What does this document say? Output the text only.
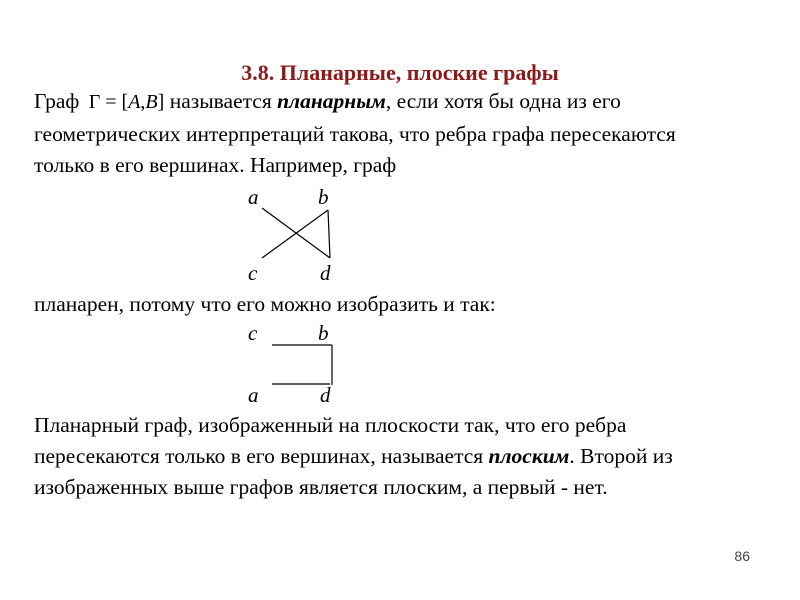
3.8. Планарные, плоские графы
Граф Γ = [A,B] называется планарным, если хотя бы одна из его
геометрических интерпретаций такова, что ребра графа пересекаются
только в его вершинах. Например, граф
a	b
c	d
планарен, потому что его можно изобразить и так:
c	b
a	d
Планарный граф, изображенный на плоскости так, что его ребра
пересекаются только в его вершинах, называется плоским. Второй из
изображенных выше графов является плоским, а первый - нет.
86
